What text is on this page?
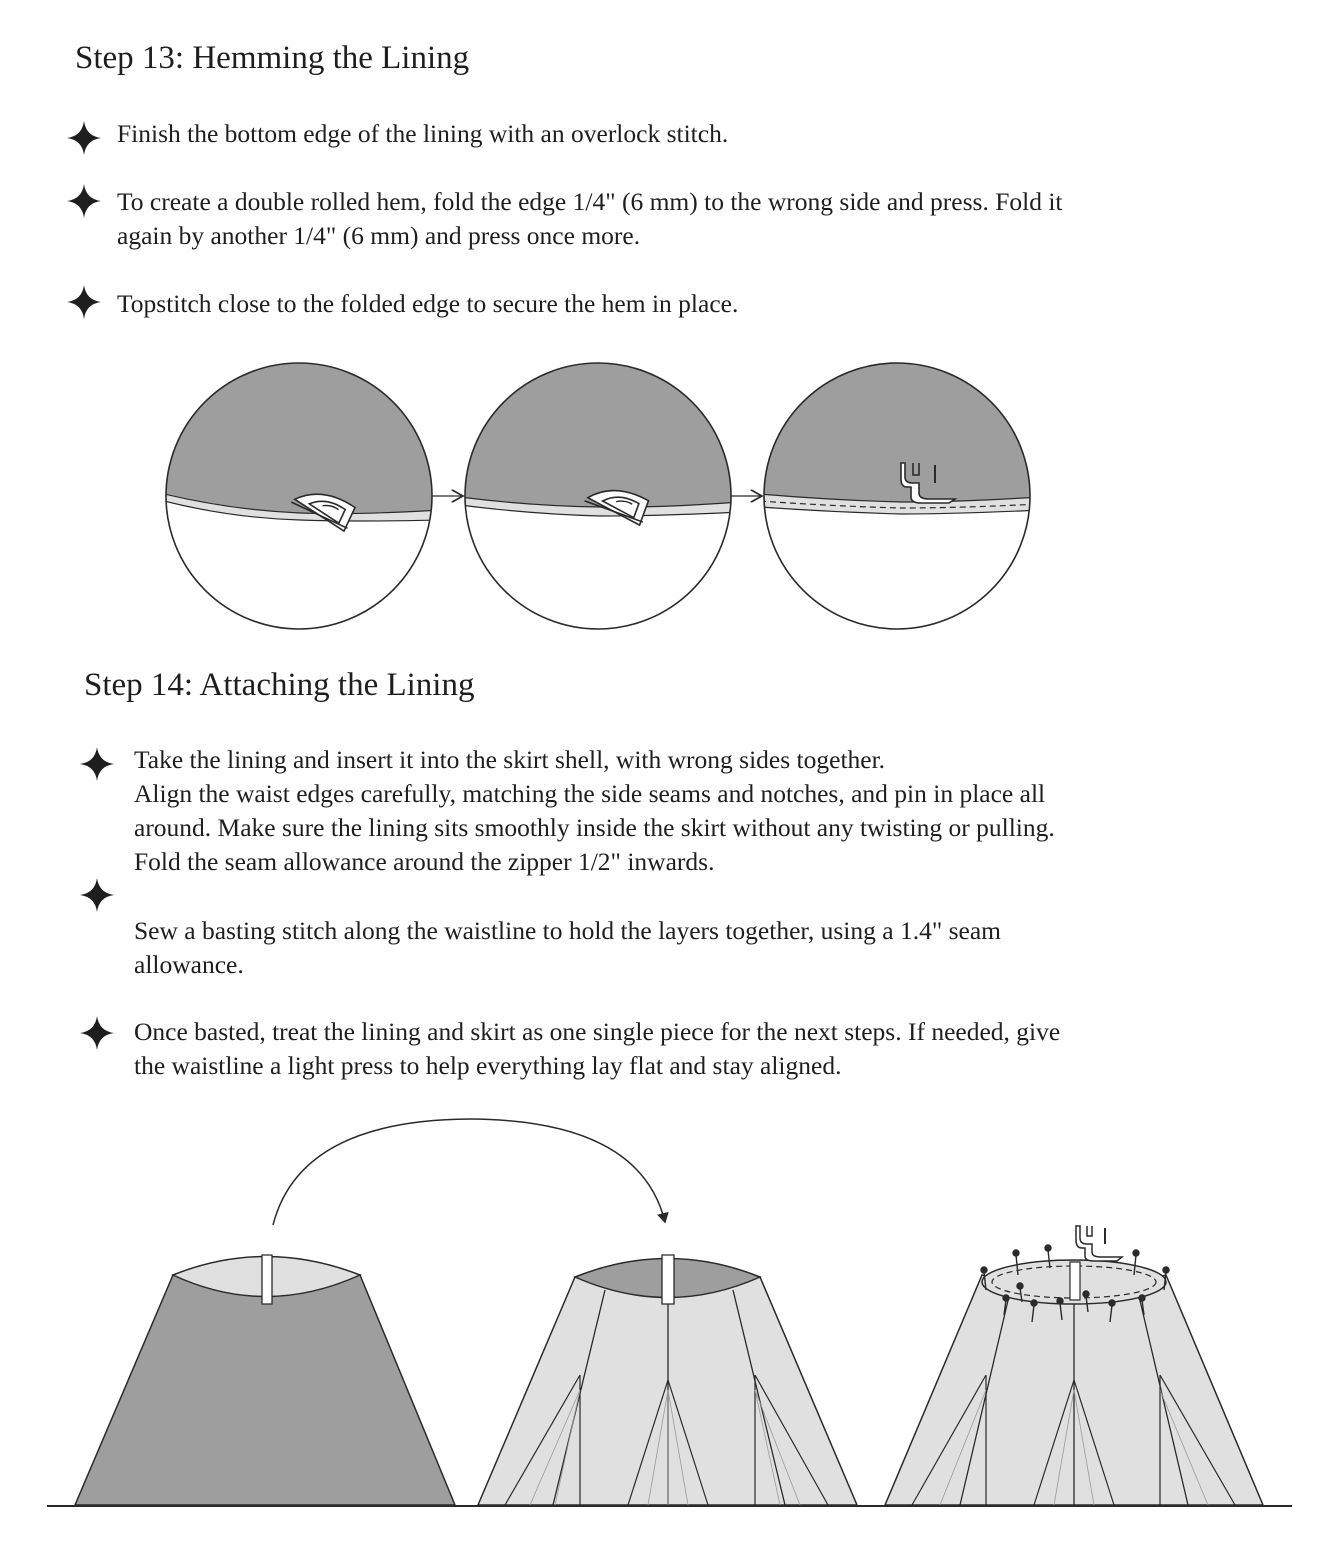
Step 13: Hemming the Lining
Finish the bottom edge of the lining with an overlock stitch.
To create a double rolled hem, fold the edge 1/4" (6 mm) to the wrong side and press. Fold it
again by another 1/4" (6 mm) and press once more.
Topstitch close to the folded edge to secure the hem in place.
Step 14: Attaching the Lining
Take the lining and insert it into the skirt shell, with wrong sides together.
Align the waist edges carefully, matching the side seams and notches, and pin in place all
around. Make sure the lining sits smoothly inside the skirt without any twisting or pulling.
Fold the seam allowance around the zipper 1/2" inwards.
Sew a basting stitch along the waistline to hold the layers together, using a 1.4" seam
allowance.
Once basted, treat the lining and skirt as one single piece for the next steps. If needed, give
the waistline a light press to help everything lay flat and stay aligned.
